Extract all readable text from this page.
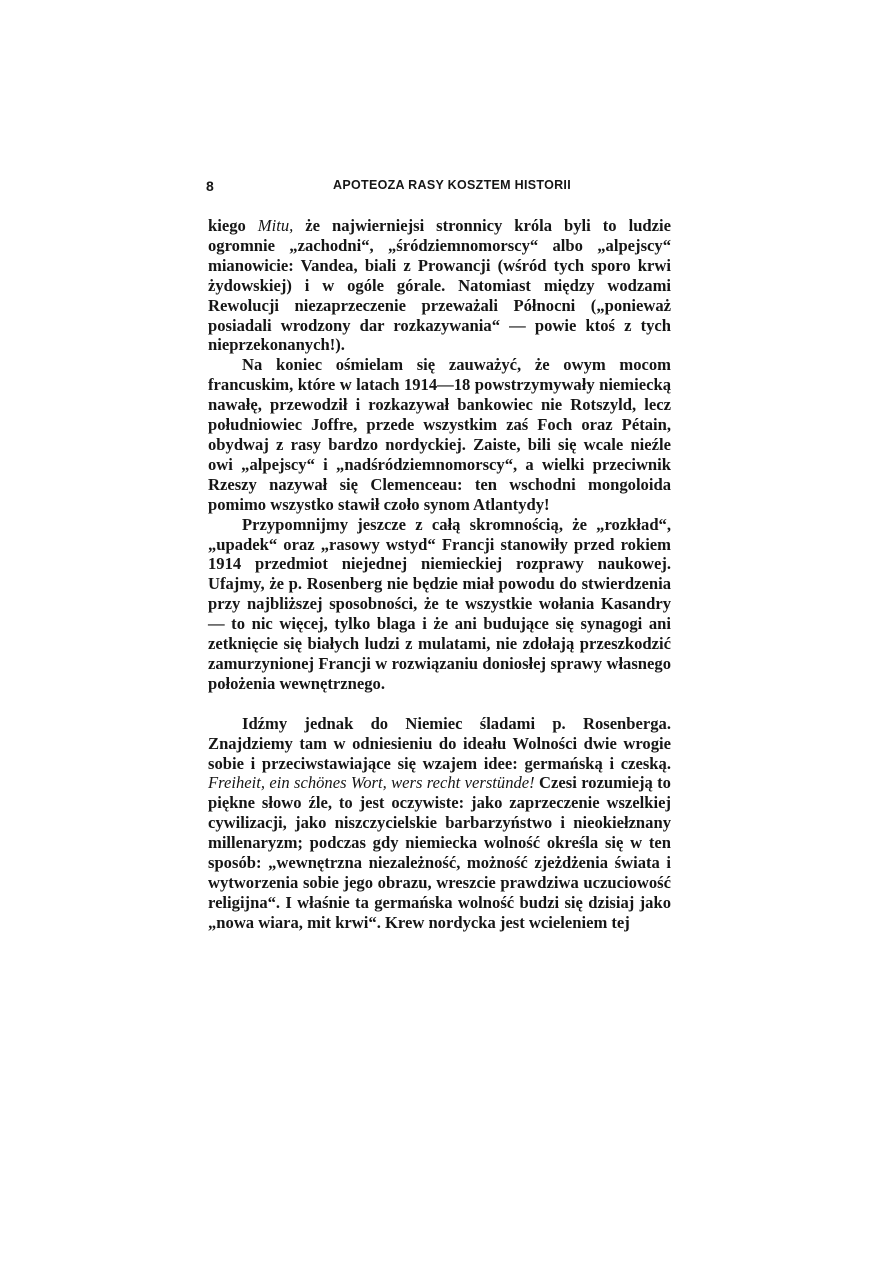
8	APOTEOZA RASY KOSZTEM HISTORII

kiego Mitu, że najwierniejsi stronnicy króla byli to ludzie ogromnie „zachodni“, „śródziemnomorscy“ albo „alpejscy“ mianowicie: Vandea, biali z Prowancji (wśród tych sporo krwi żydowskiej) i w ogóle górale. Natomiast między wodzami Rewolucji niezaprzeczenie przeważali Północni („ponieważ posiadali wrodzony dar rozkazywania“ — powie ktoś z tych nieprzekonanych!).

Na koniec ośmielam się zauważyć, że owym mocom francuskim, które w latach 1914—18 powstrzymywały niemiecką nawałę, przewodził i rozkazywał bankowiec nie Rotszyld, lecz południowiec Joffre, przede wszystkim zaś Foch oraz Pétain, obydwaj z rasy bardzo nordyckiej. Zaiste, bili się wcale nieźle owi „alpejscy“ i „nadśródziemnomorscy“, a wielki przeciwnik Rzeszy nazywał się Clemenceau: ten wschodni mongoloida pomimo wszystko stawił czoło synom Atlantydy!

Przypomnijmy jeszcze z całą skromnością, że „rozkład“, „upadek“ oraz „rasowy wstyd“ Francji stanowiły przed rokiem 1914 przedmiot niejednej niemieckiej rozprawy naukowej. Ufajmy, że p. Rosenberg nie będzie miał powodu do stwierdzenia przy najbliższej sposobności, że te wszystkie wołania Kasandry — to nic więcej, tylko blaga i że ani budujące się synagogi ani zetknięcie się białych ludzi z mulatami, nie zdołają przeszkodzić zamurzynionej Francji w rozwiązaniu doniosłej sprawy własnego położenia wewnętrznego.

Idźmy jednak do Niemiec śladami p. Rosenberga. Znajdziemy tam w odniesieniu do ideału Wolności dwie wrogie sobie i przeciwstawiające się wzajem idee: germańską i czeską. Freiheit, ein schönes Wort, wers recht verstünde! Czesi rozumieją to piękne słowo źle, to jest oczywiste: jako zaprzeczenie wszelkiej cywilizacji, jako niszczycielskie barbarzyństwo i nieokiełznany millenaryzm; podczas gdy niemiecka wolność określa się w ten sposób: „wewnętrzna niezależność, możność zjeżdżenia świata i wytworzenia sobie jego obrazu, wreszcie prawdziwa uczuciowość religijna“. I właśnie ta germańska wolność budzi się dzisiaj jako „nowa wiara, mit krwi“. Krew nordycka jest wcieleniem tej
